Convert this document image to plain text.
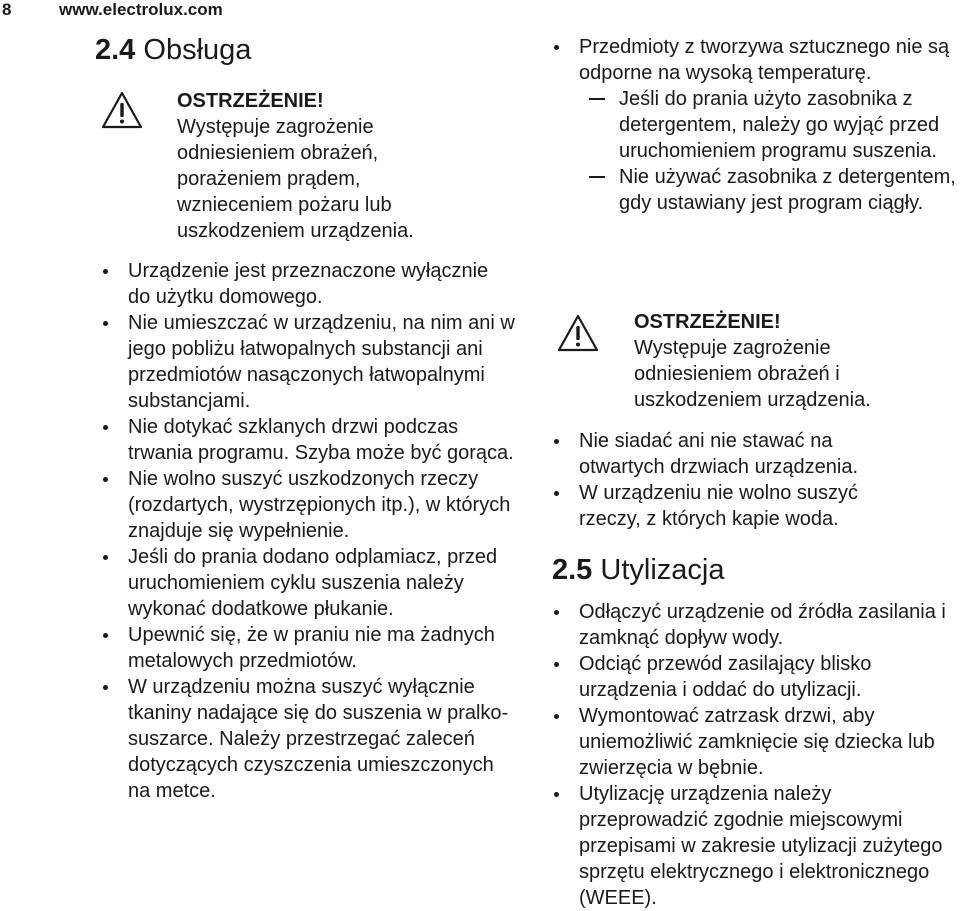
8	www.electrolux.com
2.4 Obsługa
OSTRZEŻENIE!
Występuje zagrożenie odniesieniem obrażeń, porażeniem prądem, wznieceniem pożaru lub uszkodzeniem urządzenia.
Urządzenie jest przeznaczone wyłącznie do użytku domowego.
Nie umieszczać w urządzeniu, na nim ani w jego pobliżu łatwopalnych substancji ani przedmiotów nasączonych łatwopalnymi substancjami.
Nie dotykać szklanych drzwi podczas trwania programu. Szyba może być gorąca.
Nie wolno suszyć uszkodzonych rzeczy (rozdartych, wystrzępionych itp.), w których znajduje się wypełnienie.
Jeśli do prania dodano odplamiacz, przed uruchomieniem cyklu suszenia należy wykonać dodatkowe płukanie.
Upewnić się, że w praniu nie ma żadnych metalowych przedmiotów.
W urządzeniu można suszyć wyłącznie tkaniny nadające się do suszenia w pralko-suszarce. Należy przestrzegać zaleceń dotyczących czyszczenia umieszczonych na metce.
Przedmioty z tworzywa sztucznego nie są odporne na wysoką temperaturę.
Jeśli do prania użyto zasobnika z detergentem, należy go wyjąć przed uruchomieniem programu suszenia.
Nie używać zasobnika z detergentem, gdy ustawiany jest program ciągły.
OSTRZEŻENIE!
Występuje zagrożenie odniesieniem obrażeń i uszkodzeniem urządzenia.
Nie siadać ani nie stawać na otwartych drzwiach urządzenia.
W urządzeniu nie wolno suszyć rzeczy, z których kapie woda.
2.5 Utylizacja
Odłączyć urządzenie od źródła zasilania i zamknąć dopływ wody.
Odciąć przewód zasilający blisko urządzenia i oddać do utylizacji.
Wymontować zatrzask drzwi, aby uniemożliwić zamknięcie się dziecka lub zwierzęcia w bębnie.
Utylizację urządzenia należy przeprowadzić zgodnie miejscowymi przepisami w zakresie utylizacji zużytego sprzętu elektrycznego i elektronicznego (WEEE).
